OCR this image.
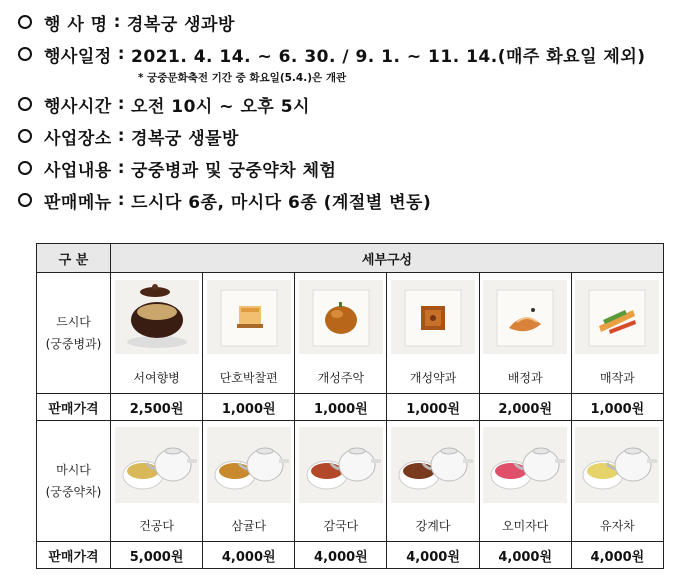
행 사 명 : 경복궁 생과방
행사일정 : 2021. 4. 14. ~ 6. 30. / 9. 1. ~ 11. 14.(매주 화요일 제외)
* 궁중문화축전 기간 중 화요일(5.4.)은 개관
행사시간 : 오전 10시 ~ 오후 5시
사업장소 : 경복궁 생물방
사업내용 : 궁중병과 및 궁중약차 체험
판매메뉴 : 드시다 6종, 마시다 6종 (계절별 변동)
구 분	세부구성					

드시다
(궁중병과)

	서여향병	단호박찰편	개성주악	개성약과	배정과	매작과
판매가격	2,500원	1,000원	1,000원	1,000원	2,000원	1,000원

마시다
(궁중약차)

	건공다	삼귤다	감국다	강계다	오미자다	유자차
판매가격	5,000원	4,000원	4,000원	4,000원	4,000원	4,000원
